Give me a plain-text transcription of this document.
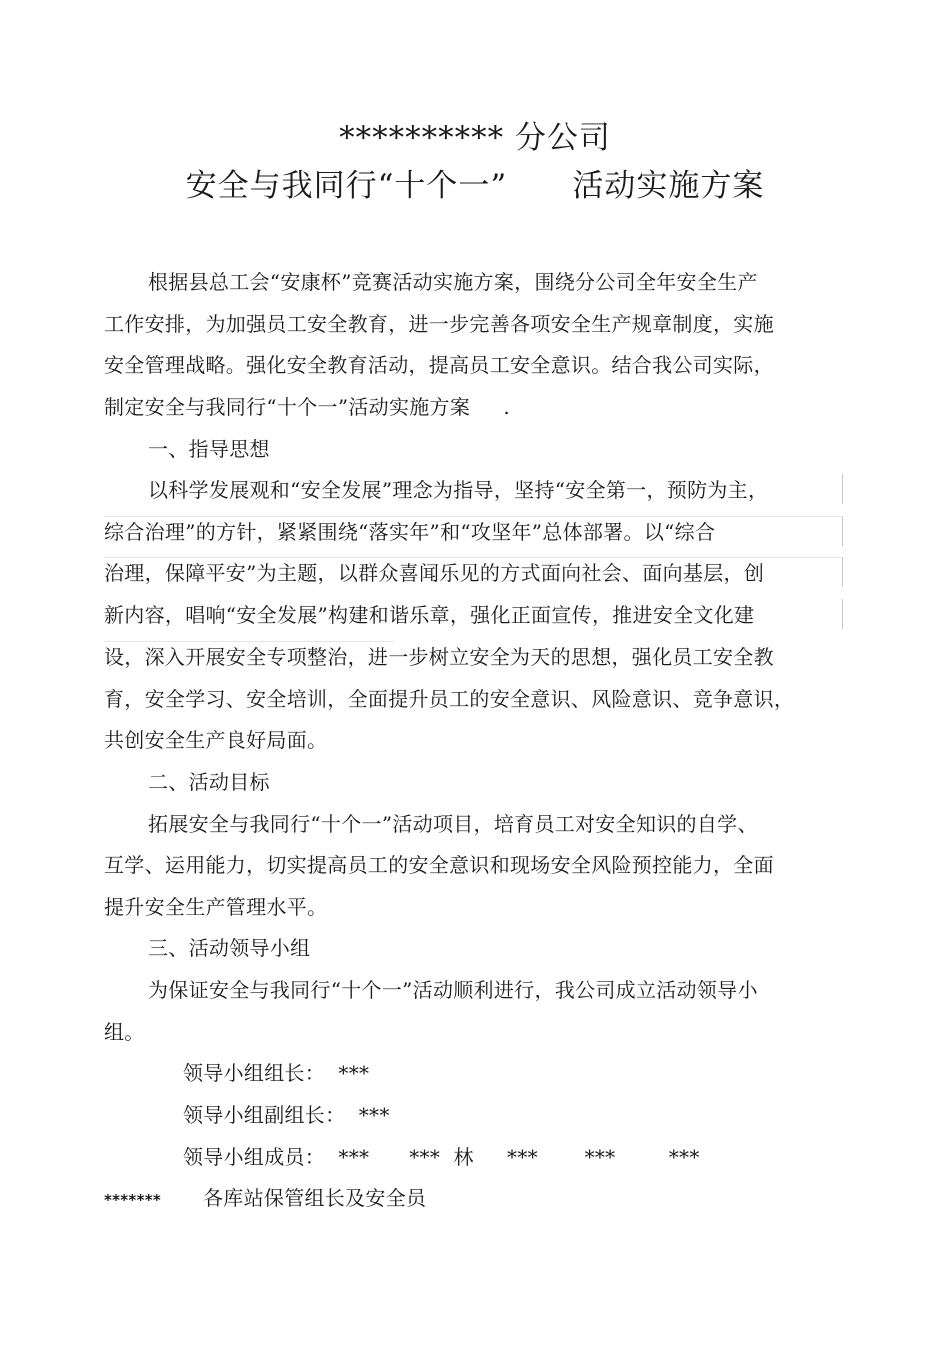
********** 分公司
安全与我同行“十个一”      活动实施方案
根据县总工会“安康杯”竞赛活动实施方案，围绕分公司全年安全生产
工作安排，为加强员工安全教育，进一步完善各项安全生产规章制度，实施
安全管理战略。强化安全教育活动，提高员工安全意识。结合我公司实际，
制定安全与我同行“十个一”活动实施方案     .
一、指导思想
以科学发展观和“安全发展”理念为指导，坚持“安全第一，预防为主，
综合治理”的方针，紧紧围绕“落实年”和“攻坚年”总体部署。以“综合
治理，保障平安”为主题，以群众喜闻乐见的方式面向社会、面向基层，创
新内容，唱响“安全发展”构建和谐乐章，强化正面宣传，推进安全文化建
设，深入开展安全专项整治，进一步树立安全为天的思想，强化员工安全教
育，安全学习、安全培训，全面提升员工的安全意识、风险意识、竞争意识，
共创安全生产良好局面。
二、活动目标
拓展安全与我同行“十个一”活动项目，培育员工对安全知识的自学、
互学、运用能力，切实提高员工的安全意识和现场安全风险预控能力，全面
提升安全生产管理水平。
三、活动领导小组
为保证安全与我同行“十个一”活动顺利进行，我公司成立活动领导小
组。
领导小组组长：  ***
领导小组副组长：  ***
领导小组成员：  ***      ***  林     ***       ***        ***
******* 各库站保管组长及安全员
